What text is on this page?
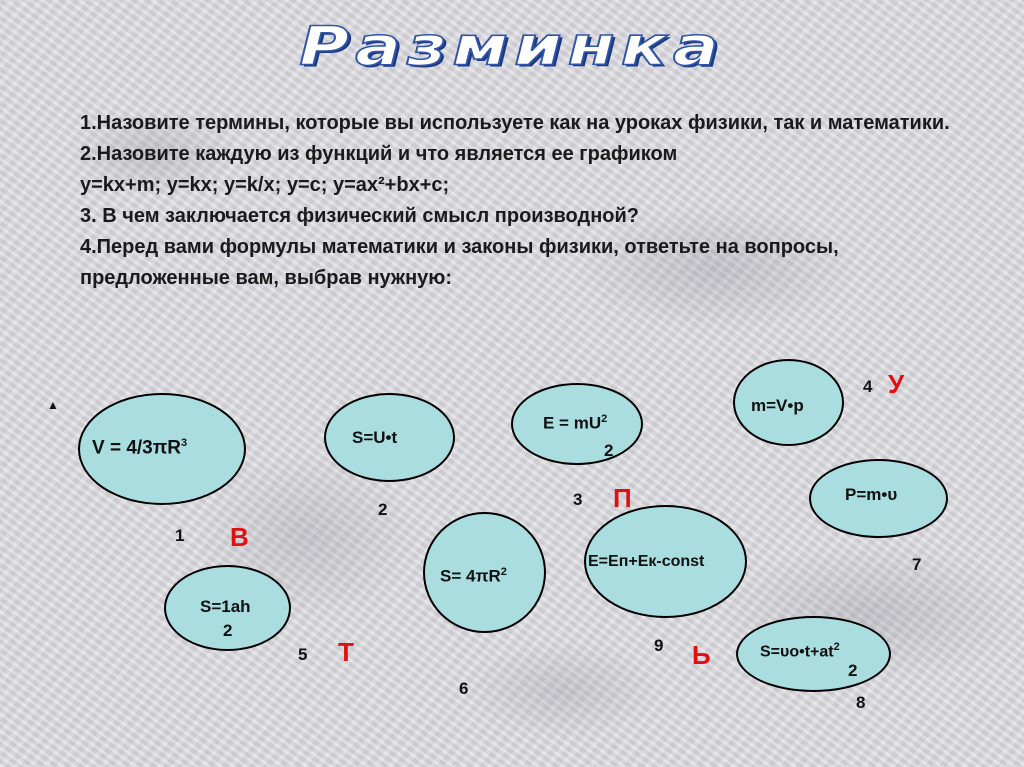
Разминка

1.Назовите термины, которые вы используете как на уроках физики, так и математики.

2.Назовите каждую из функций и что является ее графиком

y=kx+m; y=kx; y=k/x; y=c; y=ax²+bx+c;

3. В чем заключается физический смысл производной?

4.Перед вами формулы математики и законы физики, ответьте на вопросы, предложенные вам, выбрав нужную:

▲
$V = 4/3\pi R^3$	S=U•t
$E = mU^2$
2
m=V•p
P=m•υ
$S= 4\pi R^2$
E=Eп+Eк-const
S=1ah
2
$S=\upsilon o•t+at^2$
2
1
2
3
4
5
6
7
8
9
В
П
У
Т	Ь
